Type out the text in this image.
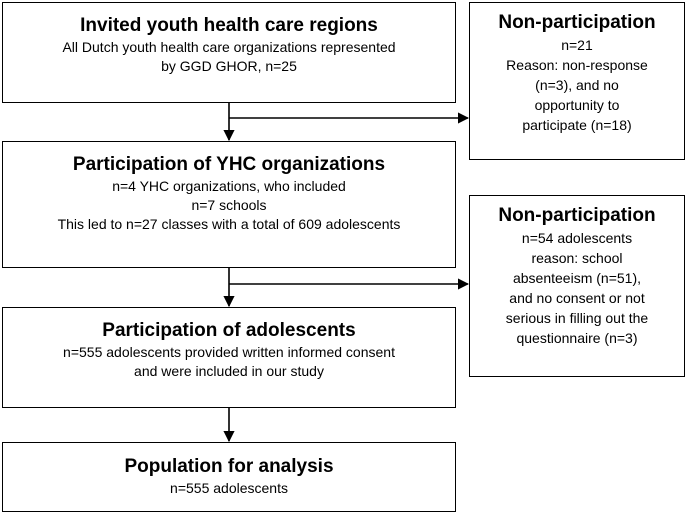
Invited youth health care regions
All Dutch youth health care organizations represented
by GGD GHOR, n=25
Participation of YHC organizations
n=4 YHC organizations, who included
n=7 schools
This led to n=27 classes with a total of 609 adolescents
Participation of adolescents
n=555 adolescents provided written informed consent
and were included in our study
Population for analysis
n=555 adolescents
Non-participation
n=21
Reason: non-response
(n=3), and no
opportunity to
participate (n=18)
Non-participation
n=54 adolescents
reason: school
absenteeism (n=51),
and no consent or not
serious in filling out the
questionnaire (n=3)
